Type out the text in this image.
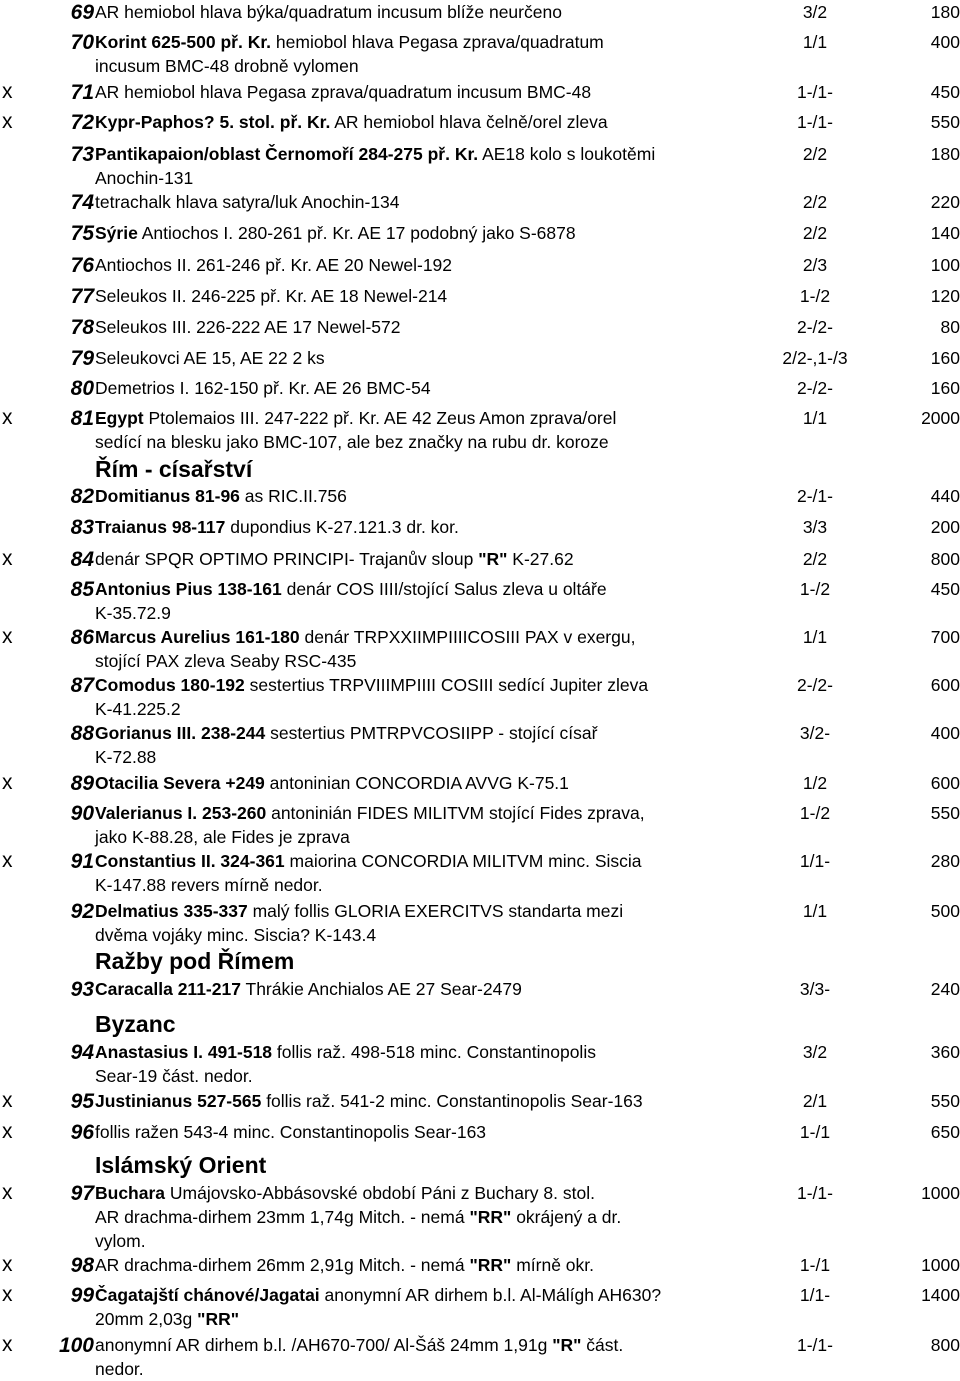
69 AR hemiobol hlava býka/quadratum incusum blíže neurčeno	3/2	180
70 Korint 625-500 př. Kr. hemiobol hlava Pegasa zprava/quadratum
incusum BMC-48 drobně vylomen
1/1	400
x	71 AR hemiobol hlava Pegasa zprava/quadratum incusum BMC-48	1-/1-	450
x	72 Kypr-Paphos? 5. stol. př. Kr. AR hemiobol hlava čelně/orel zleva	1-/1-	550
73 Pantikapaion/oblast Černomoří 284-275 př. Kr. AE18 kolo s loukotěmi
Anochin-131
2/2	180
74 tetrachalk hlava satyra/luk Anochin-134	2/2	220
75 Sýrie Antiochos I. 280-261 př. Kr. AE 17 podobný jako S-6878	2/2	140
76 Antiochos II. 261-246 př. Kr. AE 20 Newel-192	2/3	100
77 Seleukos II. 246-225 př. Kr. AE 18 Newel-214	1-/2	120
78 Seleukos III. 226-222 AE 17 Newel-572	2-/2-	80
79 Seleukovci AE 15, AE 22 2 ks	2/2-,1-/3	160
80 Demetrios I. 162-150 př. Kr. AE 26 BMC-54	2-/2-	160
x	81 Egypt Ptolemaios III. 247-222 př. Kr. AE 42 Zeus Amon zprava/orel
sedící na blesku jako BMC-107, ale bez značky na rubu dr. koroze
1/1	2000
Řím - císařství
82 Domitianus 81-96 as RIC.II.756	2-/1-	440
83 Traianus 98-117 dupondius K-27.121.3 dr. kor.	3/3	200
x	84 denár SPQR OPTIMO PRINCIPI- Trajanův sloup "R" K-27.62	2/2	800
85 Antonius Pius 138-161 denár COS IIII/stojící Salus zleva u oltáře
K-35.72.9
1-/2	450
x	86 Marcus Aurelius 161-180 denár TRPXXIIMPIIIICOSIII PAX v exergu,
stojící PAX zleva Seaby RSC-435
1/1	700
87 Comodus 180-192 sestertius TRPVIIIMPIIII COSIII sedící Jupiter zleva
K-41.225.2
2-/2-	600
88 Gorianus III. 238-244 sestertius PMTRPVCOSIIPP - stojící císař
K-72.88
3/2-	400
x	89 Otacilia Severa +249 antoninian CONCORDIA AVVG K-75.1	1/2	600
90 Valerianus I. 253-260 antoninián FIDES MILITVM stojící Fides zprava,
jako K-88.28, ale Fides je zprava
1-/2	550
x	91 Constantius II. 324-361 maiorina CONCORDIA MILITVM minc. Siscia
K-147.88 revers mírně nedor.
1/1-	280
92 Delmatius 335-337 malý follis GLORIA EXERCITVS standarta mezi
dvěma vojáky minc. Siscia? K-143.4
1/1	500
Ražby pod Římem
93 Caracalla 211-217 Thrákie Anchialos AE 27 Sear-2479	3/3-	240
Byzanc
94 Anastasius I. 491-518 follis raž. 498-518 minc. Constantinopolis
Sear-19 část. nedor.
3/2	360
x	95 Justinianus 527-565 follis raž. 541-2 minc. Constantinopolis Sear-163	2/1	550
x	96 follis ražen 543-4 minc. Constantinopolis Sear-163	1-/1	650
Islámský Orient
x	97 Buchara Umájovsko-Abbásovské období Páni z Buchary 8. stol.
AR drachma-dirhem 23mm 1,74g Mitch. - nemá "RR" okrájený a dr.
vylom.
1-/1-	1000
x	98 AR drachma-dirhem 26mm 2,91g Mitch. - nemá "RR" mírně okr.	1-/1	1000
x	99 Čagatajští chánové/Jagatai anonymní AR dirhem b.l. Al-Málígh AH630?
20mm 2,03g "RR"
1/1-	1400
x	100 anonymní AR dirhem b.l. /AH670-700/ Al-Šáš 24mm 1,91g "R" část.
nedor.
1-/1-	800
